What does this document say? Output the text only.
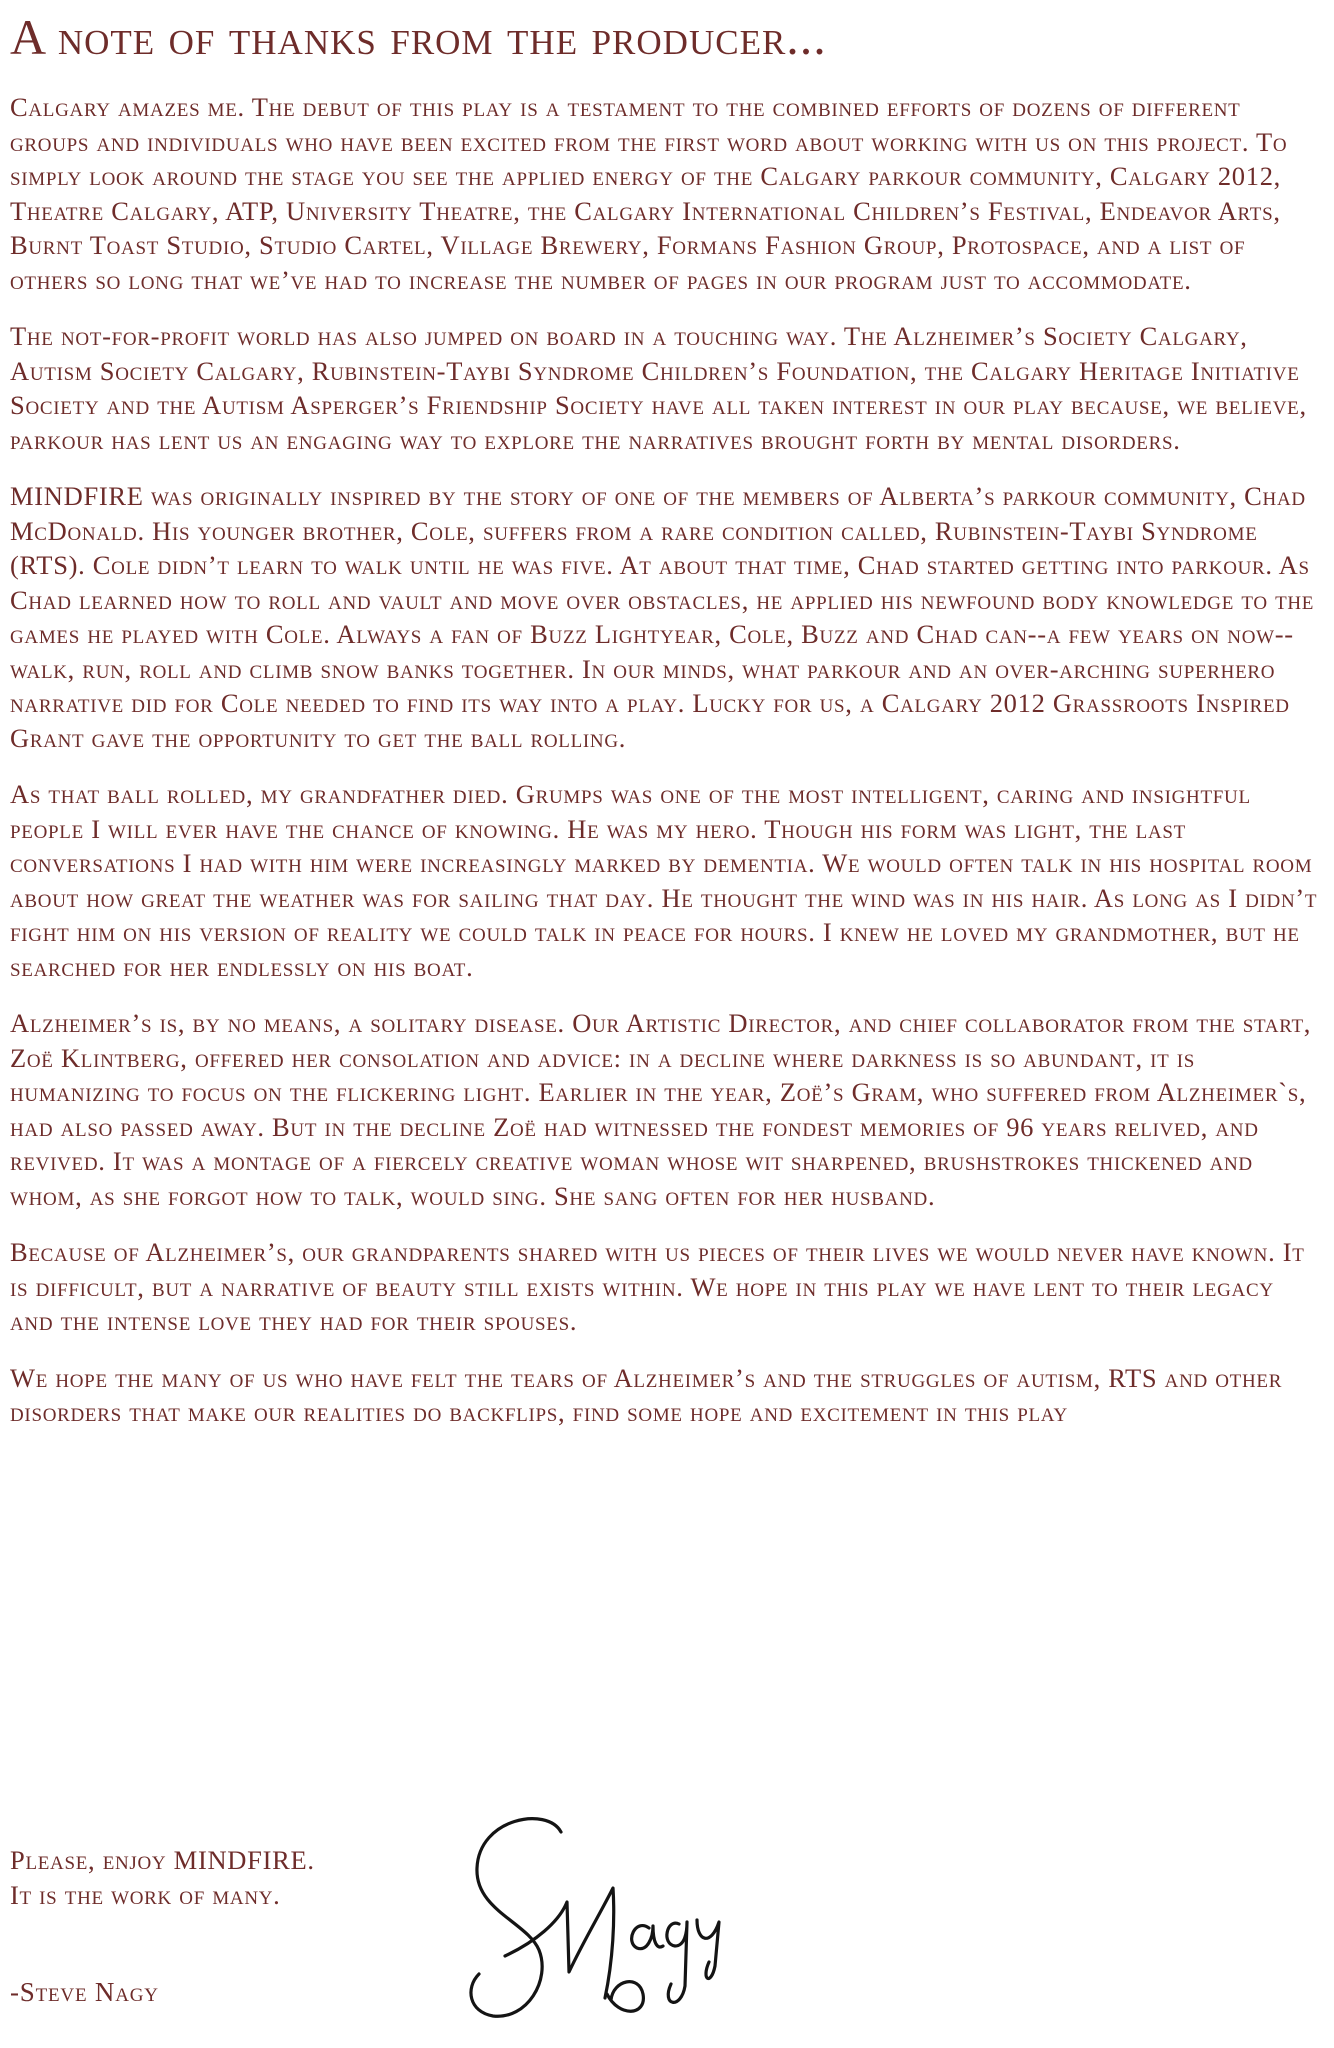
A note of thanks from the producer...

Calgary amazes me. The debut of this play is a testament to the combined efforts of dozens of different groups and individuals who have been excited from the first word about working with us on this project. To simply look around the stage you see the applied energy of the Calgary parkour community, Calgary 2012, Theatre Calgary, ATP, University Theatre, the Calgary International Children’s Festival, Endeavor Arts, Burnt Toast Studio, Studio Cartel, Village Brewery, Formans Fashion Group, Protospace, and a list of others so long that we’ve had to increase the number of pages in our program just to accommodate.

The not-for-profit world has also jumped on board in a touching way. The Alzheimer’s Society Calgary, Autism Society Calgary, Rubinstein-Taybi Syndrome Children’s Foundation, the Calgary Heritage Initiative Society and the Autism Asperger’s Friendship Society have all taken interest in our play because, we believe, parkour has lent us an engaging way to explore the narratives brought forth by mental disorders.

MINDFIRE was originally inspired by the story of one of the members of Alberta’s parkour community, Chad McDonald. His younger brother, Cole, suffers from a rare condition called, Rubinstein-Taybi Syndrome (RTS). Cole didn’t learn to walk until he was five. At about that time, Chad started getting into parkour. As Chad learned how to roll and vault and move over obstacles, he applied his newfound body knowledge to the games he played with Cole. Always a fan of Buzz Lightyear, Cole, Buzz and Chad can--a few years on now--walk, run, roll and climb snow banks together. In our minds, what parkour and an over-arching superhero narrative did for Cole needed to find its way into a play. Lucky for us, a Calgary 2012 Grassroots Inspired Grant gave the opportunity to get the ball rolling.

As that ball rolled, my grandfather died. Grumps was one of the most intelligent, caring and insightful people I will ever have the chance of knowing. He was my hero. Though his form was light, the last conversations I had with him were increasingly marked by dementia. We would often talk in his hospital room about how great the weather was for sailing that day. He thought the wind was in his hair. As long as I didn’t fight him on his version of reality we could talk in peace for hours. I knew he loved my grandmother, but he searched for her endlessly on his boat.

Alzheimer’s is, by no means, a solitary disease. Our Artistic Director, and chief collaborator from the start, Zoë Klintberg, offered her consolation and advice: in a decline where darkness is so abundant, it is humanizing to focus on the flickering light. Earlier in the year, Zoë’s Gram, who suffered from Alzheimer`s, had also passed away. But in the decline Zoë had witnessed the fondest memories of 96 years relived, and revived. It was a montage of a fiercely creative woman whose wit sharpened, brushstrokes thickened and whom, as she forgot how to talk, would sing. She sang often for her husband.

Because of Alzheimer’s, our grandparents shared with us pieces of their lives we would never have known. It is difficult, but a narrative of beauty still exists within. We hope in this play we have lent to their legacy and the intense love they had for their spouses.

We hope the many of us who have felt the tears of Alzheimer’s and the struggles of autism, RTS and other disorders that make our realities do backflips, find some hope and excitement in this play

Please, enjoy MINDFIRE.

It is the work of many.

-Steve Nagy
